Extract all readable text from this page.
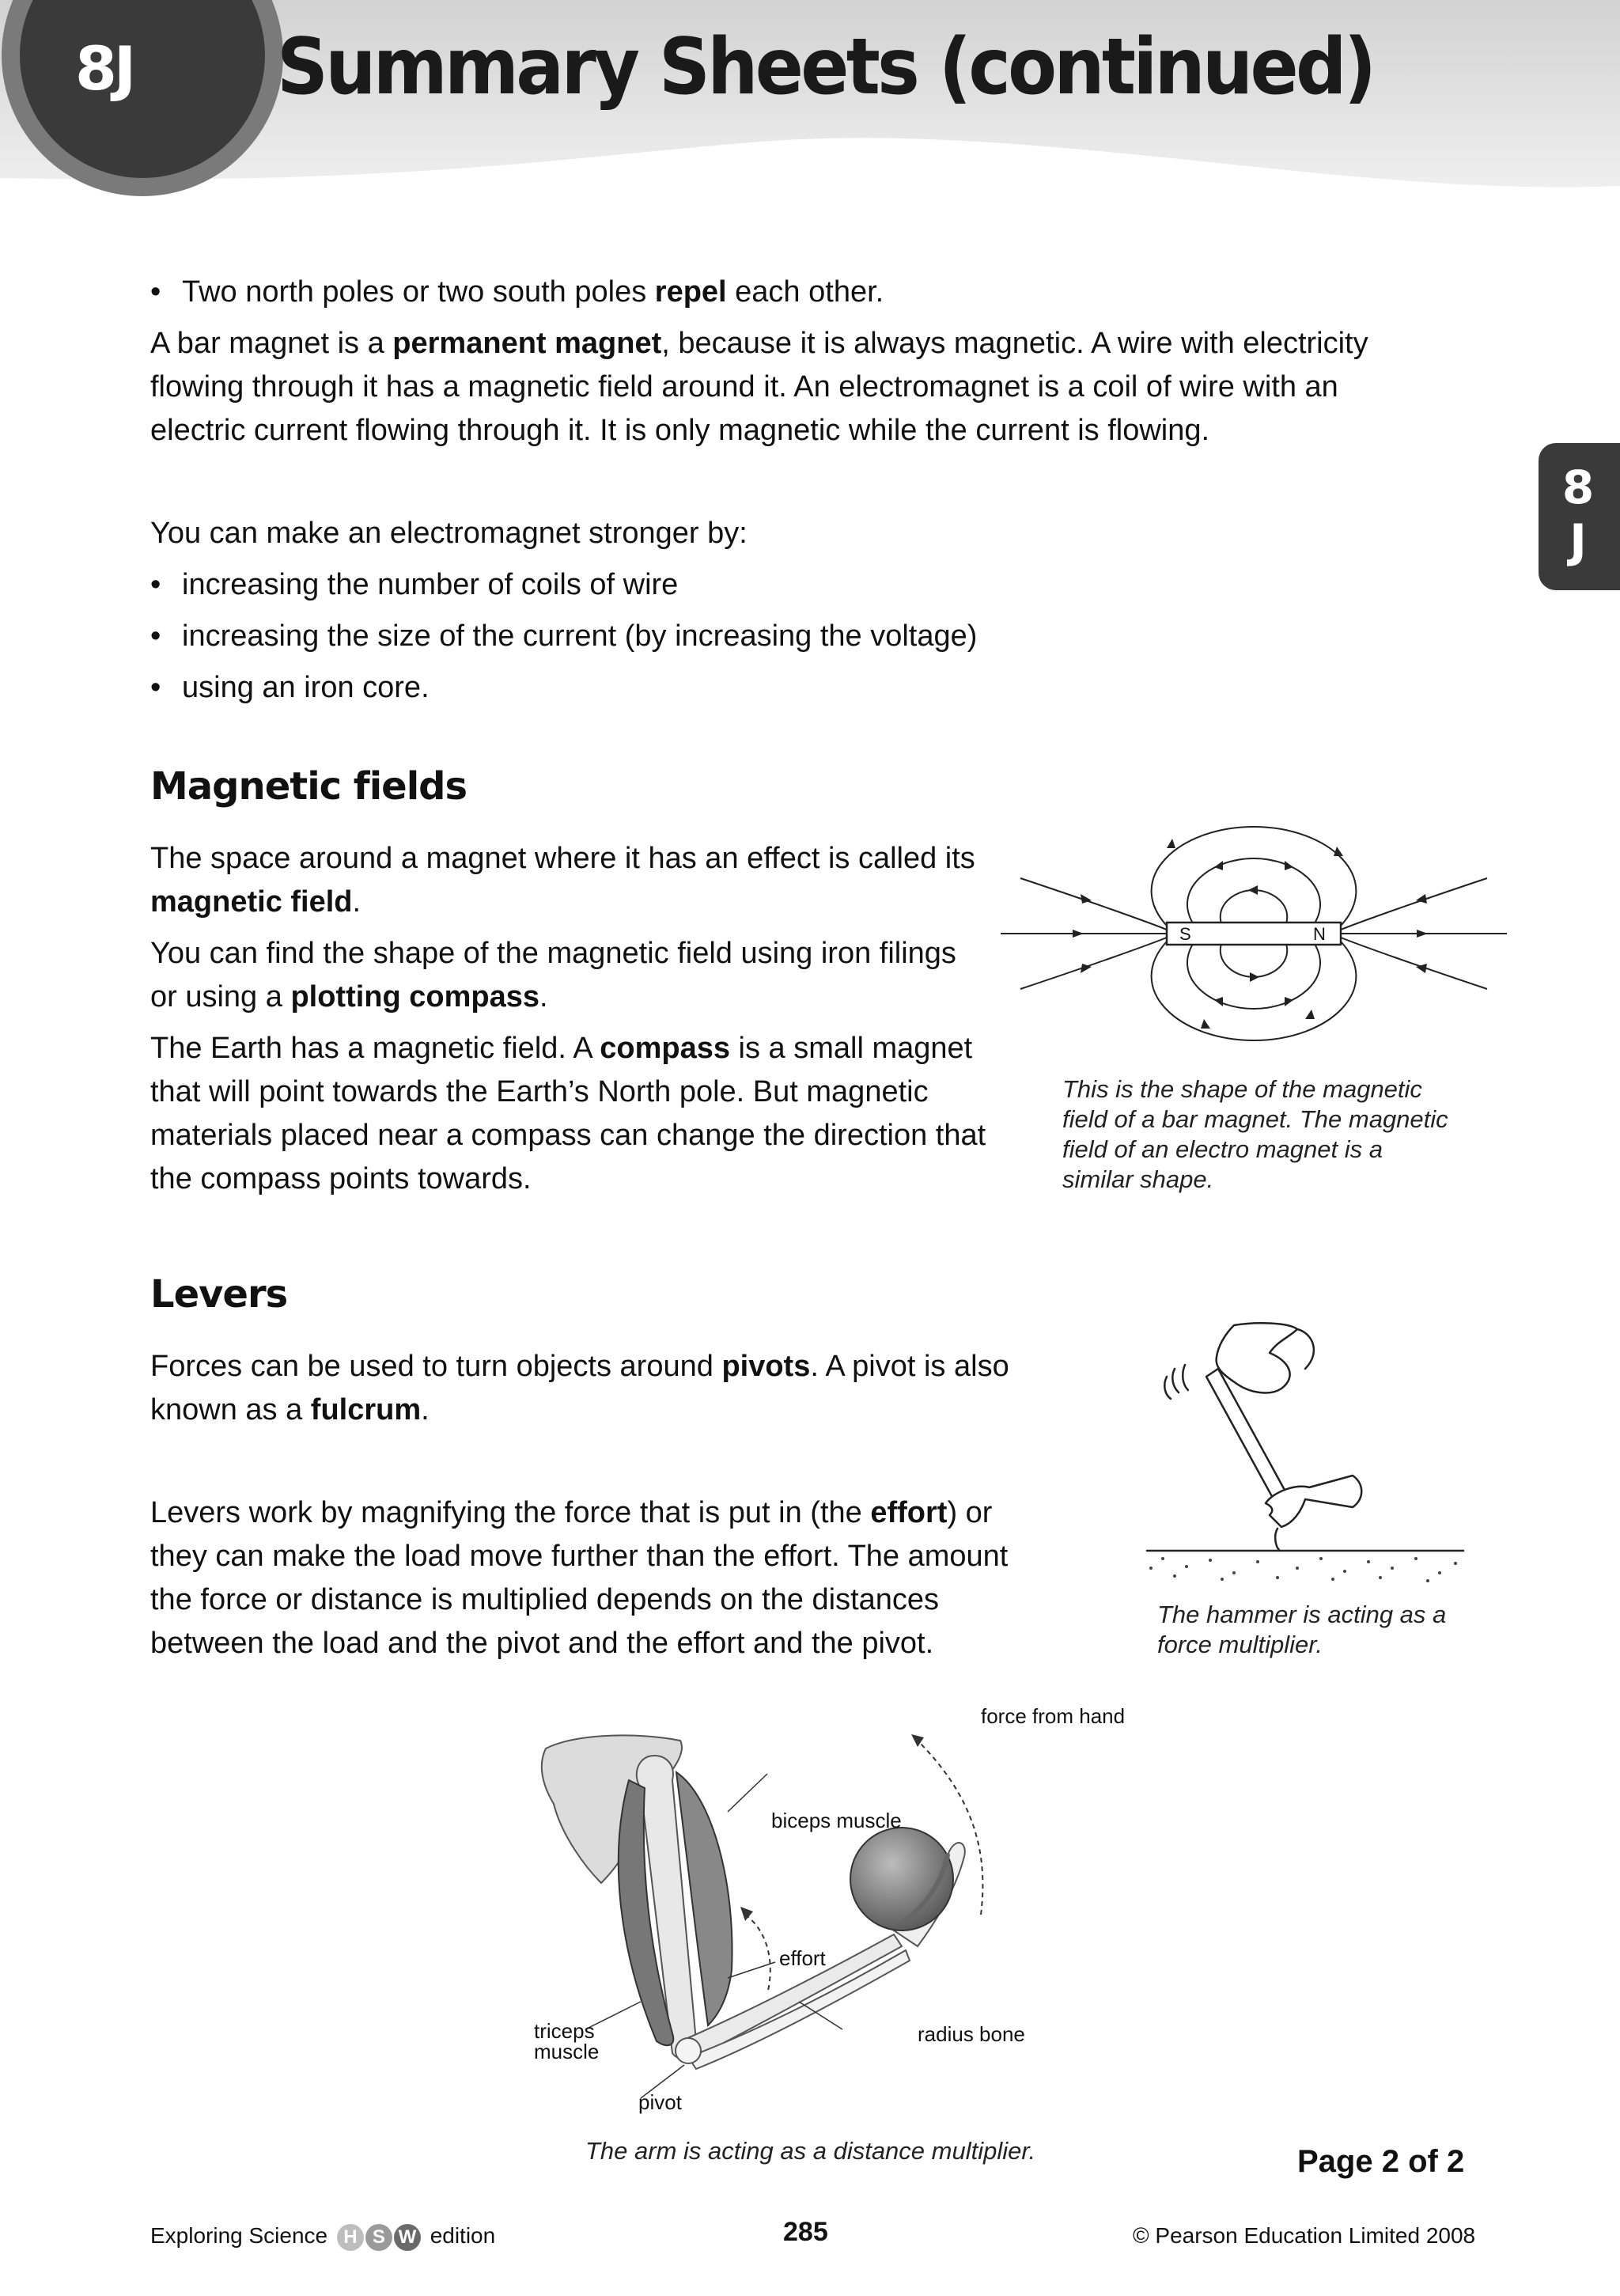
8J	Summary Sheets (continued)
8
J
• Two north poles or two south poles repel each other.
A bar magnet is a permanent magnet, because it is always magnetic. A wire with electricity
flowing through it has a magnetic field around it. An electromagnet is a coil of wire with an
electric current flowing through it. It is only magnetic while the current is flowing.
You can make an electromagnet stronger by:
• increasing the number of coils of wire
• increasing the size of the current (by increasing the voltage)
• using an iron core.
Magnetic fields
The space around a magnet where it has an effect is called its
magnetic field.
You can find the shape of the magnetic field using iron filings
or using a plotting compass.
The Earth has a magnetic field. A compass is a small magnet
that will point towards the Earth’s North pole. But magnetic
materials placed near a compass can change the direction that
the compass points towards.
S	N
This is the shape of the magnetic
field of a bar magnet. The magnetic
field of an electro magnet is a
similar shape.
Levers
Forces can be used to turn objects around pivots. A pivot is also
known as a fulcrum.
Levers work by magnifying the force that is put in (the effort) or
they can make the load move further than the effort. The amount
the force or distance is multiplied depends on the distances
between the load and the pivot and the effort and the pivot.
The hammer is acting as a
force multiplier.
force from hand
biceps muscle
effort
triceps
muscle
radius bone
pivot
The arm is acting as a distance multiplier.	Page 2 of 2
Exploring Science H S W edition	285	© Pearson Education Limited 2008
